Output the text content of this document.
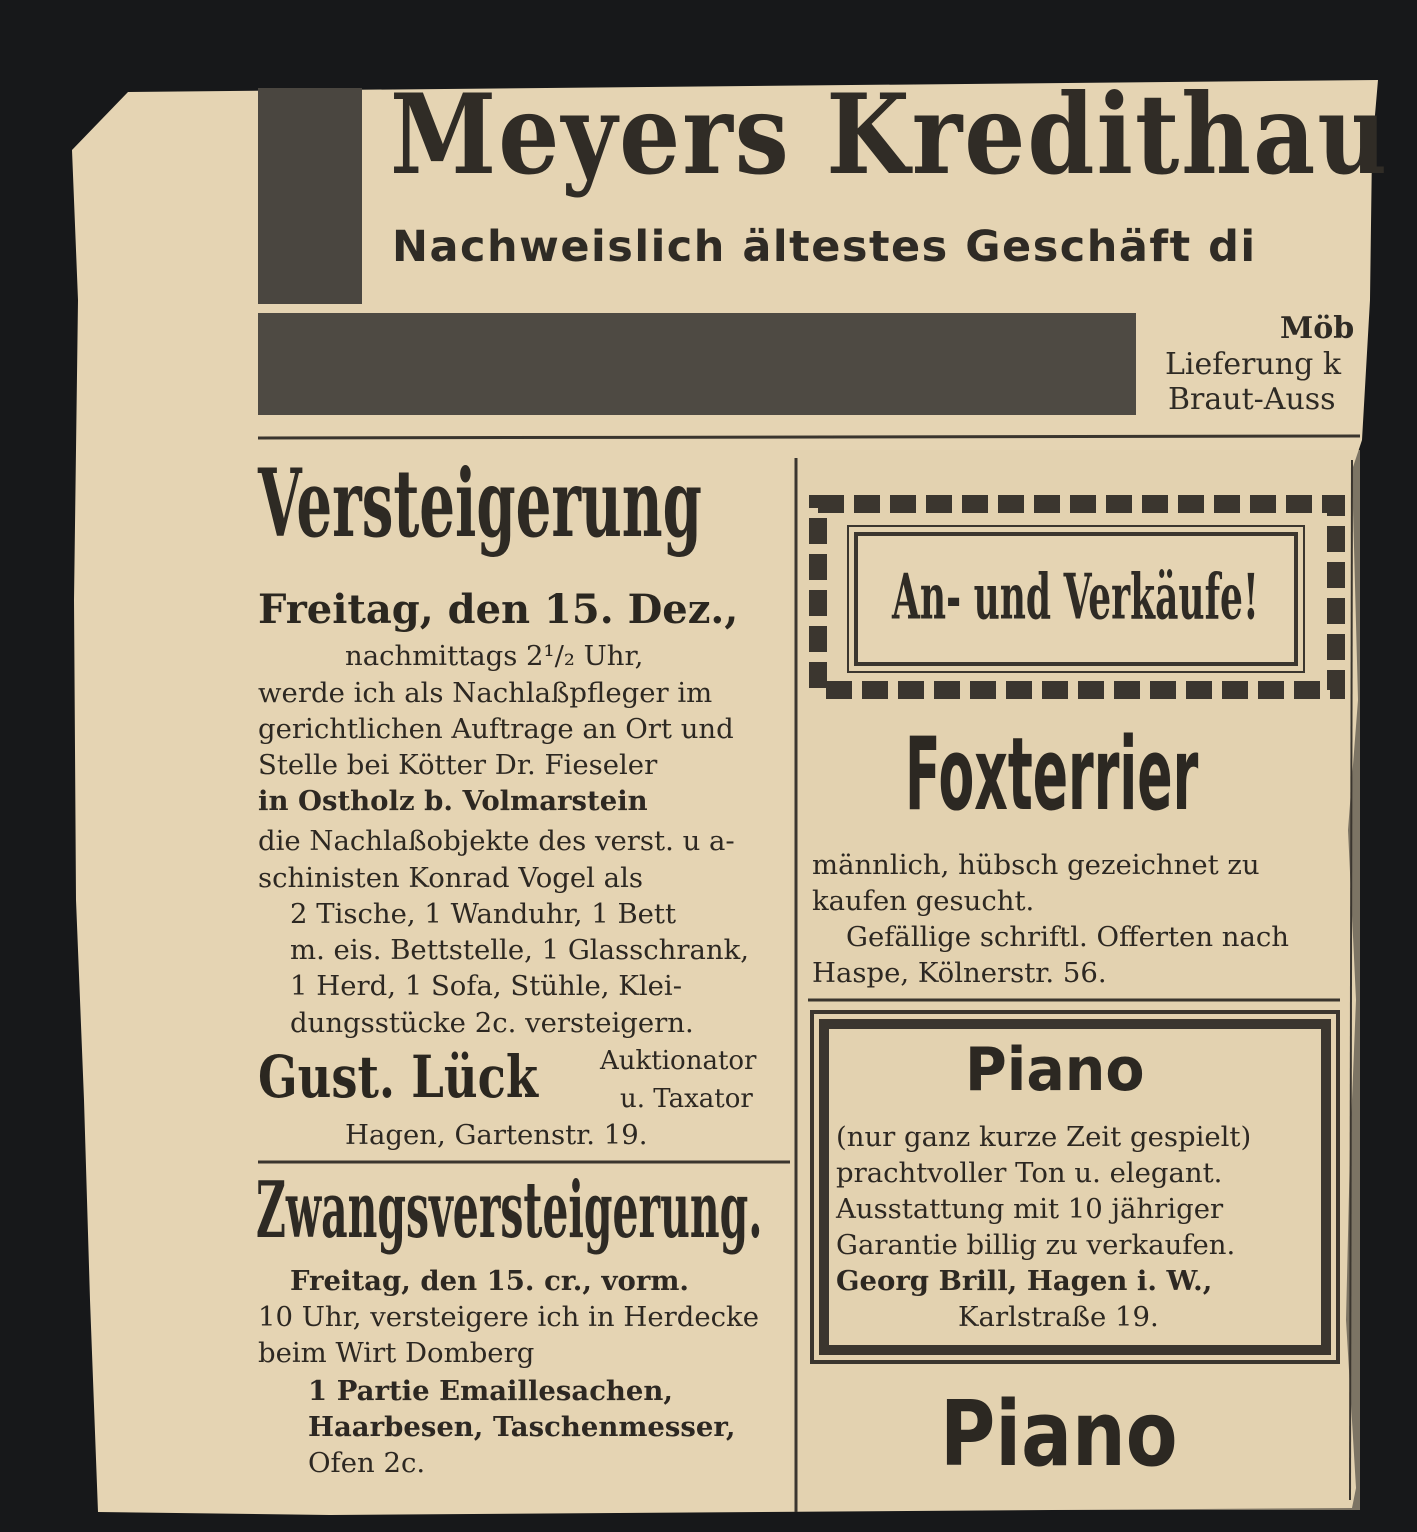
Meyers Kredithau
Nachweislich ältestes Geschäft di
Möb
Lieferung k
Braut-Auss
Versteigerung
Freitag, den 15. Dez.,
nachmittags 2¹/₂ Uhr,
werde ich als Nachlaßpfleger im
gerichtlichen Auftrage an Ort und
Stelle bei Kötter Dr. Fieseler
in Ostholz b. Volmarstein
die Nachlaßobjekte des verst. u a-
schinisten Konrad Vogel als
2 Tische, 1 Wanduhr, 1 Bett
m. eis. Bettstelle, 1 Glasschrank,
1 Herd, 1 Sofa, Stühle, Klei-
dungsstücke 2c. versteigern.
Gust. Lück Auktionator
u. Taxator
Hagen, Gartenstr. 19.
Zwangsversteigerung.
Freitag, den 15. cr., vorm.
10 Uhr, versteigere ich in Herdecke
beim Wirt Domberg
1 Partie Emaillesachen,
Haarbesen, Taschenmesser,
Ofen 2c.
An- und Verkäufe!
Foxterrier
männlich, hübsch gezeichnet zu
kaufen gesucht.
Gefällige schriftl. Offerten nach
Haspe, Kölnerstr. 56.
Piano
(nur ganz kurze Zeit gespielt)
prachtvoller Ton u. elegant.
Ausstattung mit 10 jähriger
Garantie billig zu verkaufen.
Georg Brill, Hagen i. W.,
Karlstraße 19.
Piano
